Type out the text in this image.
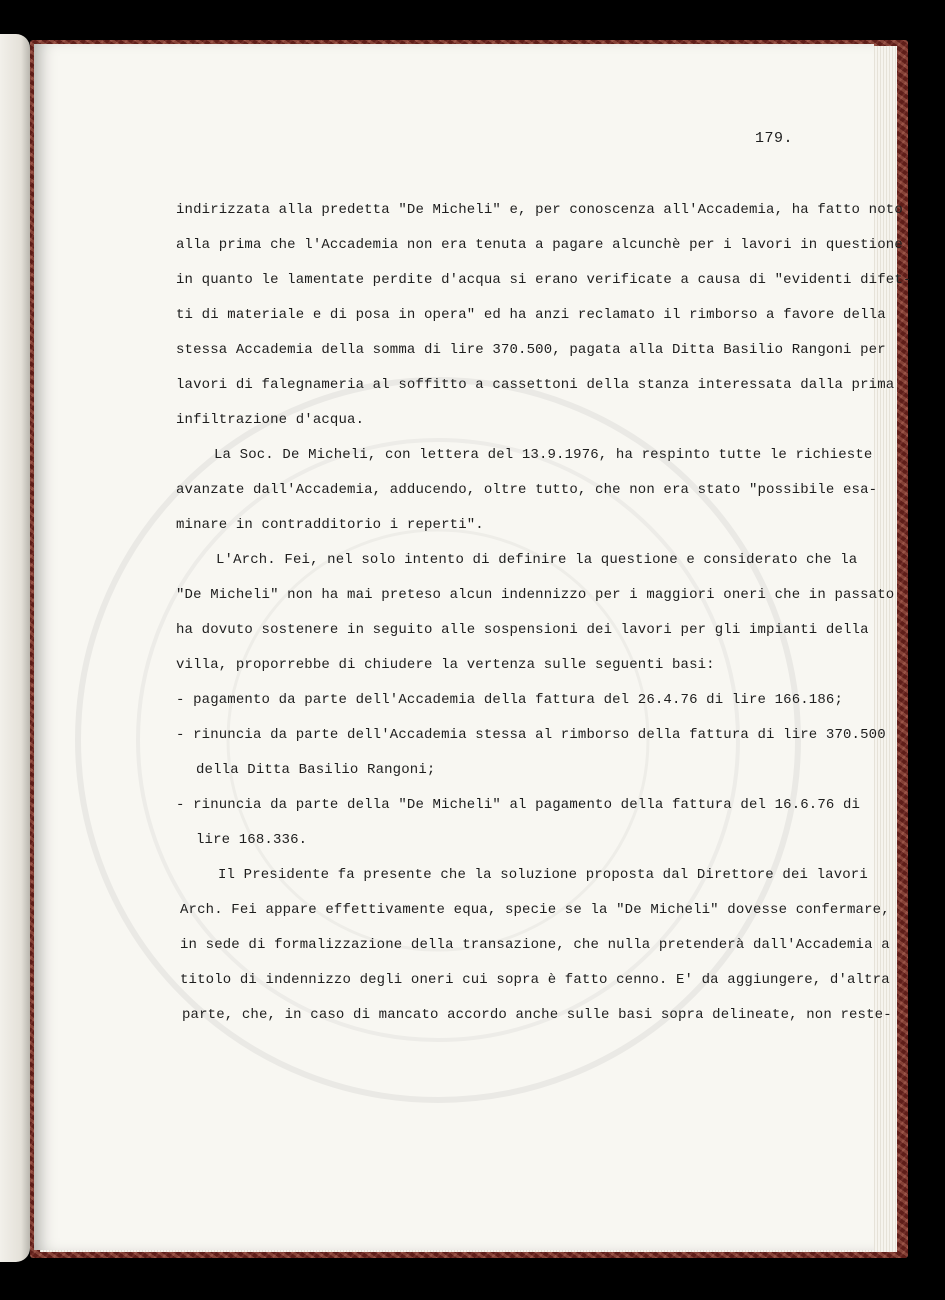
179.
indirizzata alla predetta "De Micheli" e, per conoscenza all'Accademia, ha fatto noto
alla prima che l'Accademia non era tenuta a pagare alcunchè per i lavori in questione
in quanto le lamentate perdite d'acqua si erano verificate a causa di "evidenti difet-
ti di materiale e di posa in opera" ed ha anzi reclamato il rimborso a favore della
stessa Accademia della somma di lire 370.500, pagata alla Ditta Basilio Rangoni per
lavori di falegnameria al soffitto a cassettoni della stanza interessata dalla prima
infiltrazione d'acqua.
La Soc. De Micheli, con lettera del 13.9.1976, ha respinto tutte le richieste
avanzate dall'Accademia, adducendo, oltre tutto, che non era stato "possibile esa-
minare in contradditorio i reperti".
L'Arch. Fei, nel solo intento di definire la questione e considerato che la
"De Micheli" non ha mai preteso alcun indennizzo per i maggiori oneri che in passato
ha dovuto sostenere in seguito alle sospensioni dei lavori per gli impianti della
villa, proporrebbe di chiudere la vertenza sulle seguenti basi:
- pagamento da parte dell'Accademia della fattura del 26.4.76 di lire 166.186;
- rinuncia da parte dell'Accademia stessa al rimborso della fattura di lire 370.500
della Ditta Basilio Rangoni;
- rinuncia da parte della "De Micheli" al pagamento della fattura del 16.6.76 di
lire 168.336.
Il Presidente fa presente che la soluzione proposta dal Direttore dei lavori
Arch. Fei appare effettivamente equa, specie se la "De Micheli" dovesse confermare,
in sede di formalizzazione della transazione, che nulla pretenderà dall'Accademia a
titolo di indennizzo degli oneri cui sopra è fatto cenno. E' da aggiungere, d'altra
parte, che, in caso di mancato accordo anche sulle basi sopra delineate, non reste-
